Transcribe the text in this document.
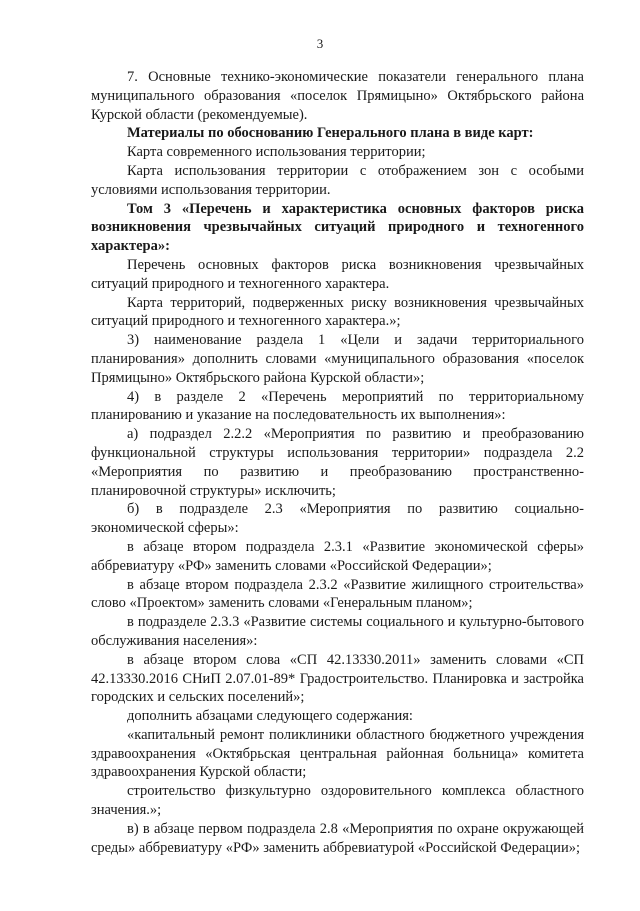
3

7. Основные технико-экономические показатели генерального плана муниципального образования «поселок Прямицыно» Октябрьского района Курской области (рекомендуемые).

Материалы по обоснованию Генерального плана в виде карт:

Карта современного использования территории;

Карта использования территории с отображением зон с особыми условиями использования территории.

Том 3 «Перечень и характеристика основных факторов риска возникновения чрезвычайных ситуаций природного и техногенного характера»:

Перечень основных факторов риска возникновения чрезвычайных ситуаций природного и техногенного характера.

Карта территорий, подверженных риску возникновения чрезвычайных ситуаций природного и техногенного характера.»;

3) наименование раздела 1 «Цели и задачи территориального планирования» дополнить словами «муниципального образования «поселок Прямицыно» Октябрьского района Курской области»;

4) в разделе 2 «Перечень мероприятий по территориальному планированию и указание на последовательность их выполнения»:

а) подраздел 2.2.2 «Мероприятия по развитию и преобразованию функциональной структуры использования территории» подраздела 2.2 «Мероприятия по развитию и преобразованию пространственно-планировочной структуры» исключить;

б) в подразделе 2.3 «Мероприятия по развитию социально-экономической сферы»:

в абзаце втором подраздела 2.3.1 «Развитие экономической сферы» аббревиатуру «РФ» заменить словами «Российской Федерации»;

в абзаце втором подраздела 2.3.2 «Развитие жилищного строительства» слово «Проектом» заменить словами «Генеральным планом»;

в подразделе 2.3.3 «Развитие системы социального и культурно-бытового обслуживания населения»:

в абзаце втором слова «СП 42.13330.2011» заменить словами «СП 42.13330.2016 СНиП 2.07.01-89* Градостроительство. Планировка и застройка городских и сельских поселений»;

дополнить абзацами следующего содержания:

«капитальный ремонт поликлиники областного бюджетного учреждения здравоохранения «Октябрьская центральная районная больница» комитета здравоохранения Курской области;

строительство физкультурно оздоровительного комплекса областного значения.»;

в) в абзаце первом подраздела 2.8 «Мероприятия по охране окружающей среды» аббревиатуру «РФ» заменить аббревиатурой «Российской Федерации»;
